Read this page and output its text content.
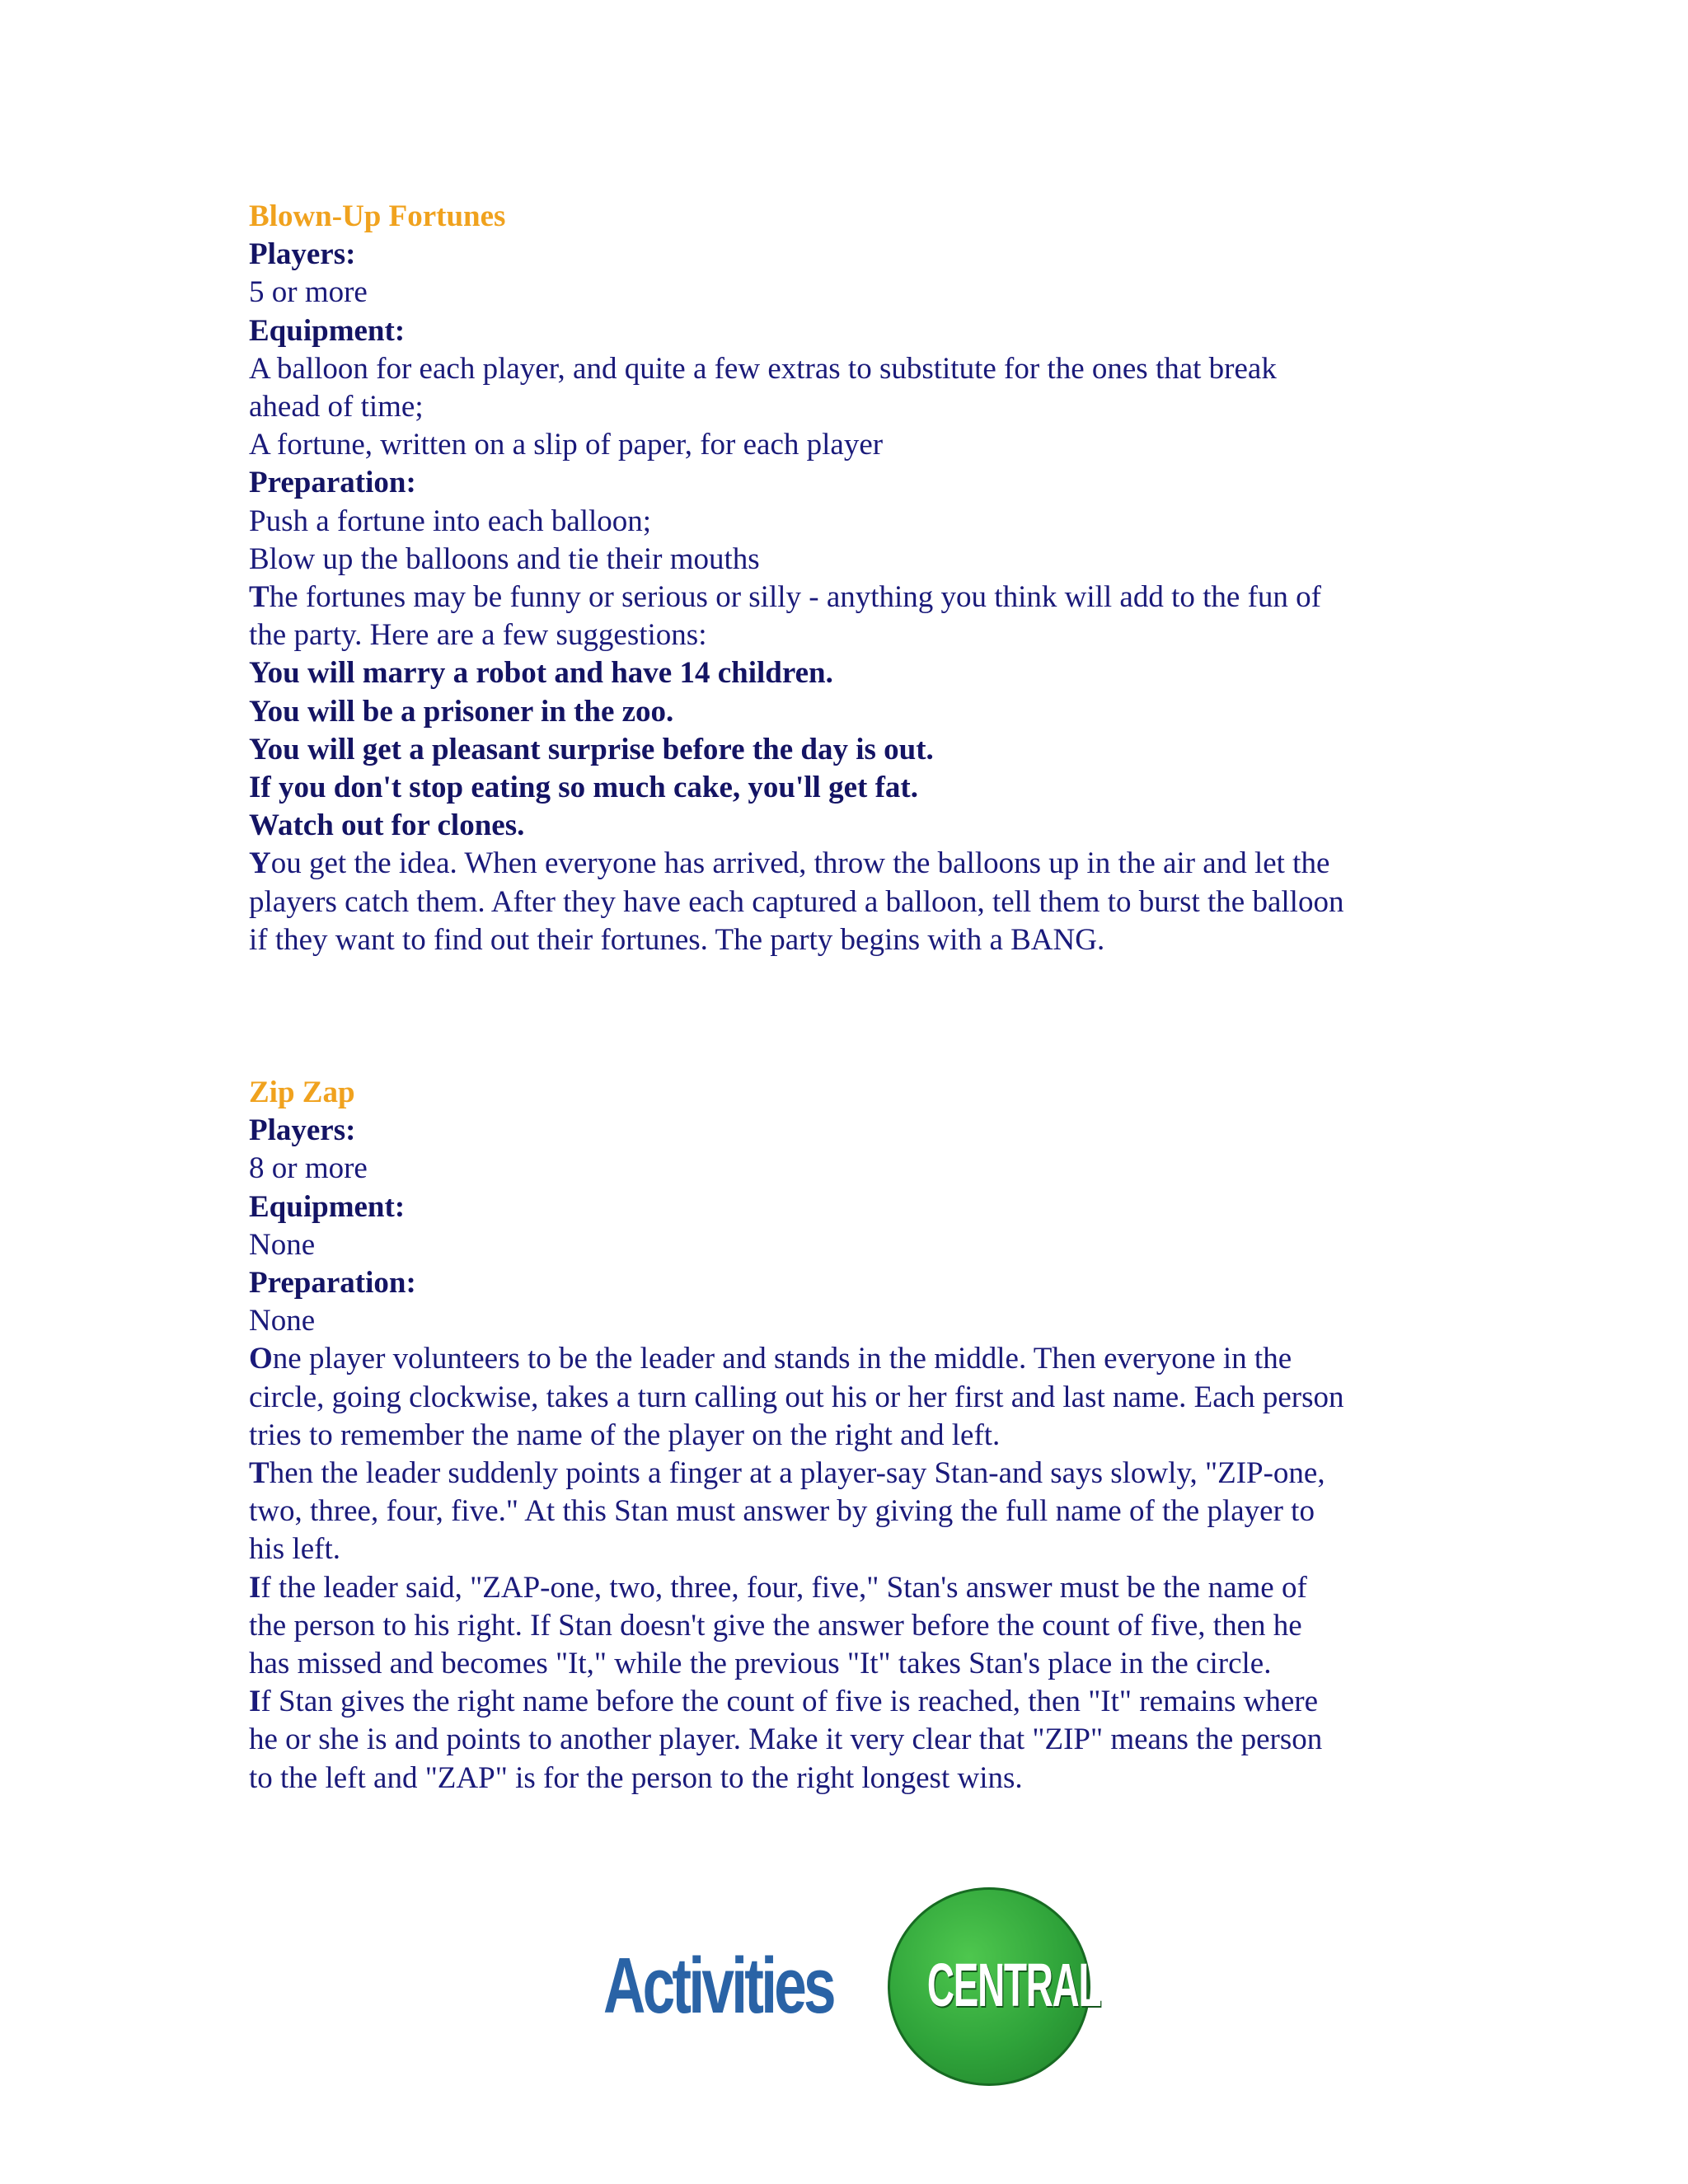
Blown-Up Fortunes

Players:

5 or more

Equipment:

A balloon for each player, and quite a few extras to substitute for the ones that break

ahead of time;

A fortune, written on a slip of paper, for each player

Preparation:

Push a fortune into each balloon;

Blow up the balloons and tie their mouths

The fortunes may be funny or serious or silly - anything you think will add to the fun of

the party. Here are a few suggestions:

You will marry a robot and have 14 children.

You will be a prisoner in the zoo.

You will get a pleasant surprise before the day is out.

If you don't stop eating so much cake, you'll get fat.

Watch out for clones.

You get the idea. When everyone has arrived, throw the balloons up in the air and let the

players catch them. After they have each captured a balloon, tell them to burst the balloon

if they want to find out their fortunes. The party begins with a BANG.

Zip Zap

Players:

8 or more

Equipment:

None

Preparation:

None

One player volunteers to be the leader and stands in the middle. Then everyone in the

circle, going clockwise, takes a turn calling out his or her first and last name. Each person

tries to remember the name of the player on the right and left.

Then the leader suddenly points a finger at a player-say Stan-and says slowly, "ZIP-one,

two, three, four, five." At this Stan must answer by giving the full name of the player to

his left.

If the leader said, "ZAP-one, two, three, four, five," Stan's answer must be the name of

the person to his right. If Stan doesn't give the answer before the count of five, then he

has missed and becomes "It," while the previous "It" takes Stan's place in the circle.

If Stan gives the right name before the count of five is reached, then "It" remains where

he or she is and points to another player. Make it very clear that "ZIP" means the person

to the left and "ZAP" is for the person to the right longest wins.

Activities CENTRAL
